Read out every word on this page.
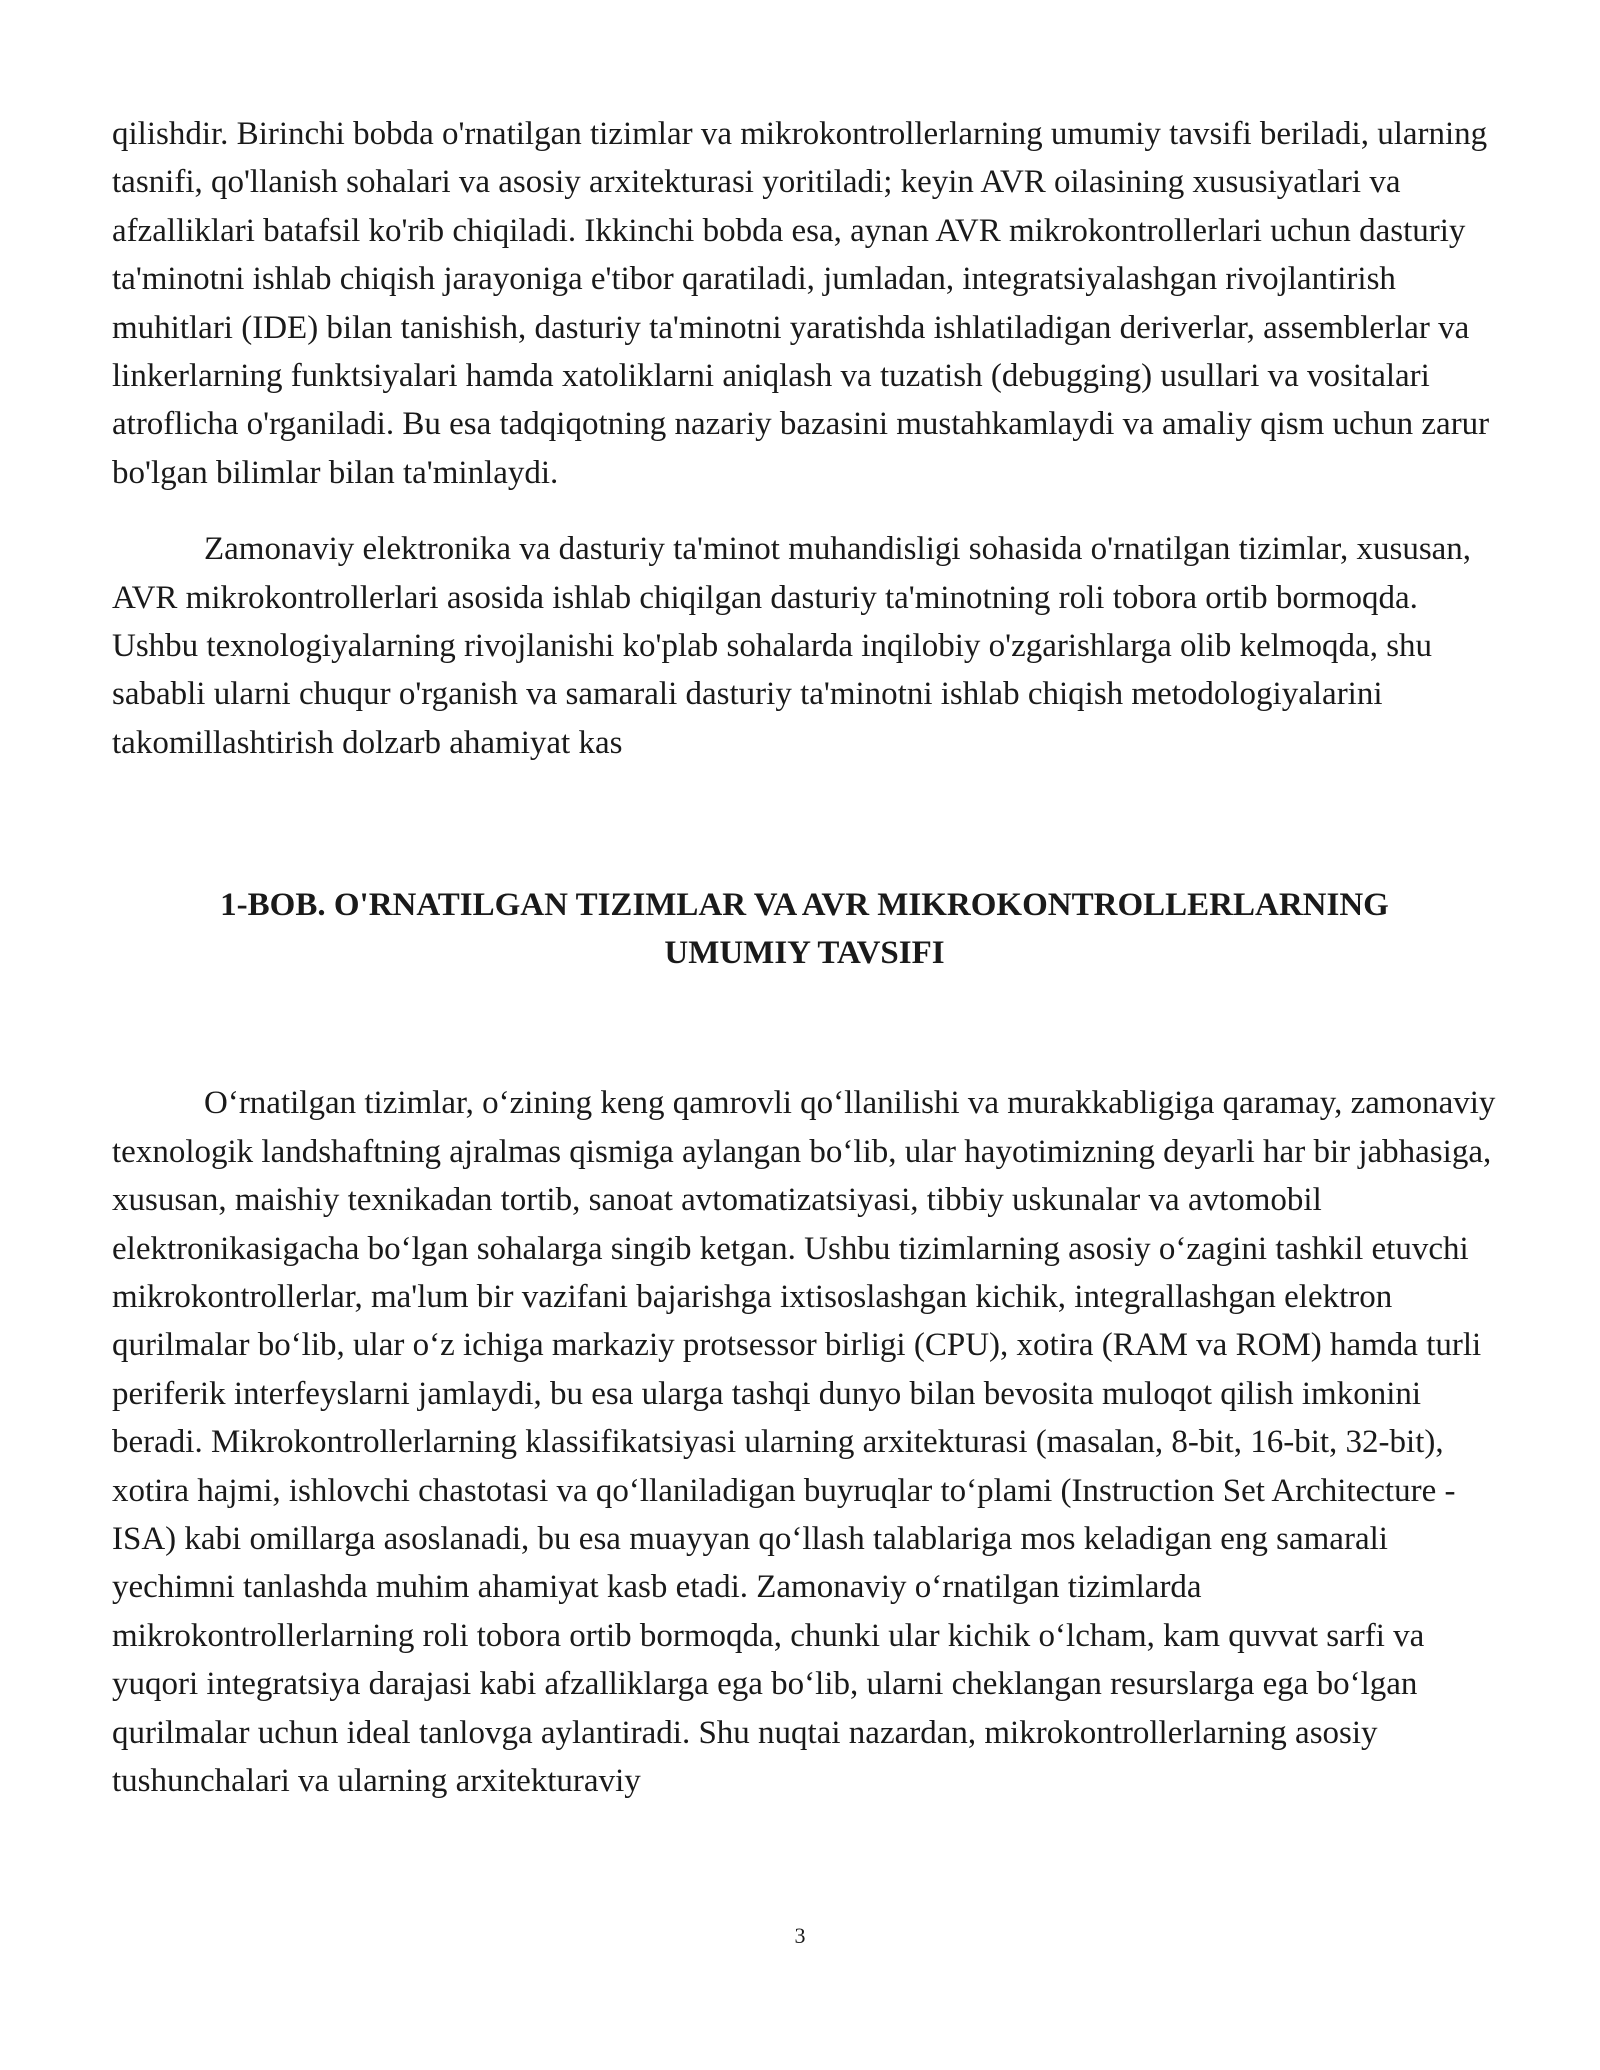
qilishdir. Birinchi bobda o'rnatilgan tizimlar va mikrokontrollerlarning umumiy tavsifi beriladi, ularning tasnifi, qo'llanish sohalari va asosiy arxitekturasi yoritiladi; keyin AVR oilasining xususiyatlari va afzalliklari batafsil ko'rib chiqiladi. Ikkinchi bobda esa, aynan AVR mikrokontrollerlari uchun dasturiy ta'minotni ishlab chiqish jarayoniga e'tibor qaratiladi, jumladan, integratsiyalashgan rivojlantirish muhitlari (IDE) bilan tanishish, dasturiy ta'minotni yaratishda ishlatiladigan deriverlar, assemblerlar va linkerlarning funktsiyalari hamda xatoliklarni aniqlash va tuzatish (debugging) usullari va vositalari atroflicha o'rganiladi. Bu esa tadqiqotning nazariy bazasini mustahkamlaydi va amaliy qism uchun zarur bo'lgan bilimlar bilan ta'minlaydi.

Zamonaviy elektronika va dasturiy ta'minot muhandisligi sohasida o'rnatilgan tizimlar, xususan, AVR mikrokontrollerlari asosida ishlab chiqilgan dasturiy ta'minotning roli tobora ortib bormoqda. Ushbu texnologiyalarning rivojlanishi ko'plab sohalarda inqilobiy o'zgarishlarga olib kelmoqda, shu sababli ularni chuqur o'rganish va samarali dasturiy ta'minotni ishlab chiqish metodologiyalarini takomillashtirish dolzarb ahamiyat kas

1-BOB. O'RNATILGAN TIZIMLAR VA AVR MIKROKONTROLLERLARNING
UMUMIY TAVSIFI

O‘rnatilgan tizimlar, o‘zining keng qamrovli qo‘llanilishi va murakkabligiga qaramay, zamonaviy texnologik landshaftning ajralmas qismiga aylangan bo‘lib, ular hayotimizning deyarli har bir jabhasiga, xususan, maishiy texnikadan tortib, sanoat avtomatizatsiyasi, tibbiy uskunalar va avtomobil elektronikasigacha bo‘lgan sohalarga singib ketgan. Ushbu tizimlarning asosiy o‘zagini tashkil etuvchi mikrokontrollerlar, ma'lum bir vazifani bajarishga ixtisoslashgan kichik, integrallashgan elektron qurilmalar bo‘lib, ular o‘z ichiga markaziy protsessor birligi (CPU), xotira (RAM va ROM) hamda turli periferik interfeyslarni jamlaydi, bu esa ularga tashqi dunyo bilan bevosita muloqot qilish imkonini beradi. Mikrokontrollerlarning klassifikatsiyasi ularning arxitekturasi (masalan, 8-bit, 16-bit, 32-bit), xotira hajmi, ishlovchi chastotasi va qo‘llaniladigan buyruqlar to‘plami (Instruction Set Architecture - ISA) kabi omillarga asoslanadi, bu esa muayyan qo‘llash talablariga mos keladigan eng samarali yechimni tanlashda muhim ahamiyat kasb etadi. Zamonaviy o‘rnatilgan tizimlarda mikrokontrollerlarning roli tobora ortib bormoqda, chunki ular kichik o‘lcham, kam quvvat sarfi va yuqori integratsiya darajasi kabi afzalliklarga ega bo‘lib, ularni cheklangan resurslarga ega bo‘lgan qurilmalar uchun ideal tanlovga aylantiradi. Shu nuqtai nazardan, mikrokontrollerlarning asosiy tushunchalari va ularning arxitekturaviy

3
